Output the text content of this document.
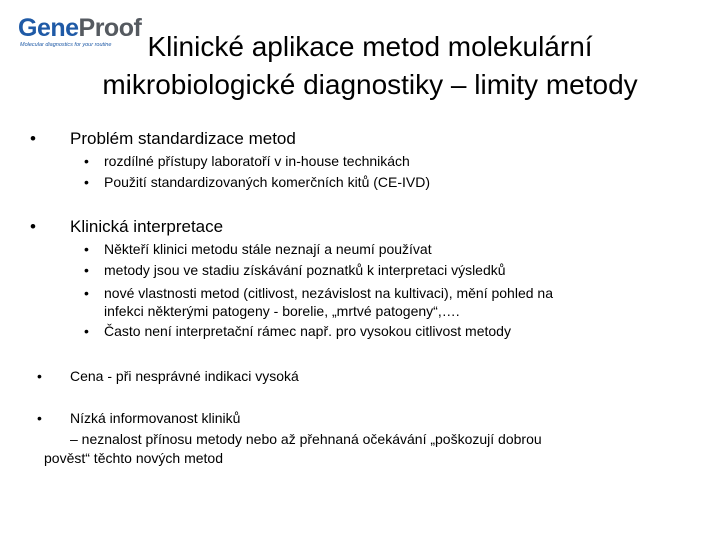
GeneProof
Molecular diagnostics for your routine	Klinické aplikace metod molekulární
mikrobiologické diagnostiky – limity metody
• Problém standardizace metod
• rozdílné přístupy laboratoří v in-house technikách
• Použití standardizovaných komerčních kitů (CE-IVD)
• Klinická interpretace
• Někteří klinici metodu stále neznají a neumí používat
• metody jsou ve stadiu získávání poznatků k interpretaci výsledků
• nové vlastnosti metod (citlivost, nezávislost na kultivaci), mění pohled na
infekci některými patogeny - borelie, „mrtvé patogeny“,….
• Často není interpretační rámec např. pro vysokou citlivost metody
• Cena - při nesprávné indikaci vysoká
• Nízká informovanost kliniků
– neznalost přínosu metody nebo až přehnaná očekávání „poškozují dobrou
pověst“ těchto nových metod
